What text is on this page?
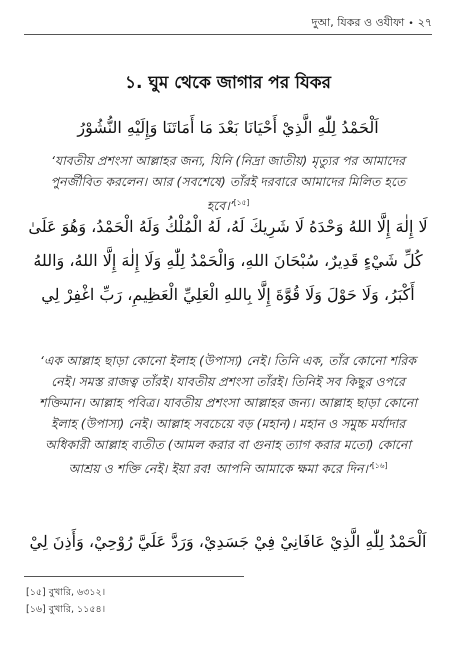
দুআ, যিকর ও ওযীফা • ২৭
১. ঘুম থেকে জাগার পর যিকর
اَلْحَمْدُ لِلّٰهِ الَّذِيْ أَحْيَانَا بَعْدَ مَا أَمَاتَنَا وَإِلَيْهِ النُّشُوْرُ
‘যাবতীয় প্রশংসা আল্লাহর জন্য, যিনি (নিদ্রা জাতীয়) মৃত্যুর পর আমাদের পুনর্জীবিত করলেন। আর (সবশেষে) তাঁরই দরবারে আমাদের মিলিত হতে হবে।’[১৫]
لَا إِلٰهَ إِلَّا اللهُ وَحْدَهُ لَا شَرِيكَ لَهُ، لَهُ الْمُلْكُ وَلَهُ الْحَمْدُ، وَهُوَ عَلَىٰ كُلِّ شَيْءٍ قَدِيرٌ، سُبْحَانَ اللهِ، وَالْحَمْدُ لِلّٰهِ وَلَا إِلٰهَ إِلَّا اللهُ، وَاللهُ أَكْبَرُ، وَلَا حَوْلَ وَلَا قُوَّةَ إِلَّا بِاللهِ الْعَلِيِّ الْعَظِيمِ، رَبِّ اغْفِرْ لِي
‘এক আল্লাহ ছাড়া কোনো ইলাহ (উপাস্য) নেই। তিনি এক, তাঁর কোনো শরিক নেই। সমস্ত রাজত্ব তাঁরই। যাবতীয় প্রশংসা তাঁরই। তিনিই সব কিছুর ওপরে শক্তিমান। আল্লাহ পবিত্র। যাবতীয় প্রশংসা আল্লাহর জন্য। আল্লাহ ছাড়া কোনো ইলাহ (উপাস্য) নেই। আল্লাহ সবচেয়ে বড় (মহান)। মহান ও সমুচ্চ মর্যাদার অধিকারী আল্লাহ ব্যতীত (আমল করার বা গুনাহ ত্যাগ করার মতো) কোনো আশ্রয় ও শক্তি নেই। ইয়া রব! আপনি আমাকে ক্ষমা করে দিন।’[১৬]
اَلْحَمْدُ لِلّٰهِ الَّذِيْ عَافَانِيْ فِيْ جَسَدِيْ، وَرَدَّ عَلَيَّ رُوْحِيْ، وَأَذِنَ لِيْ
[১৫] বুখারি, ৬৩১২।
[১৬] বুখারি, ১১৫৪।
